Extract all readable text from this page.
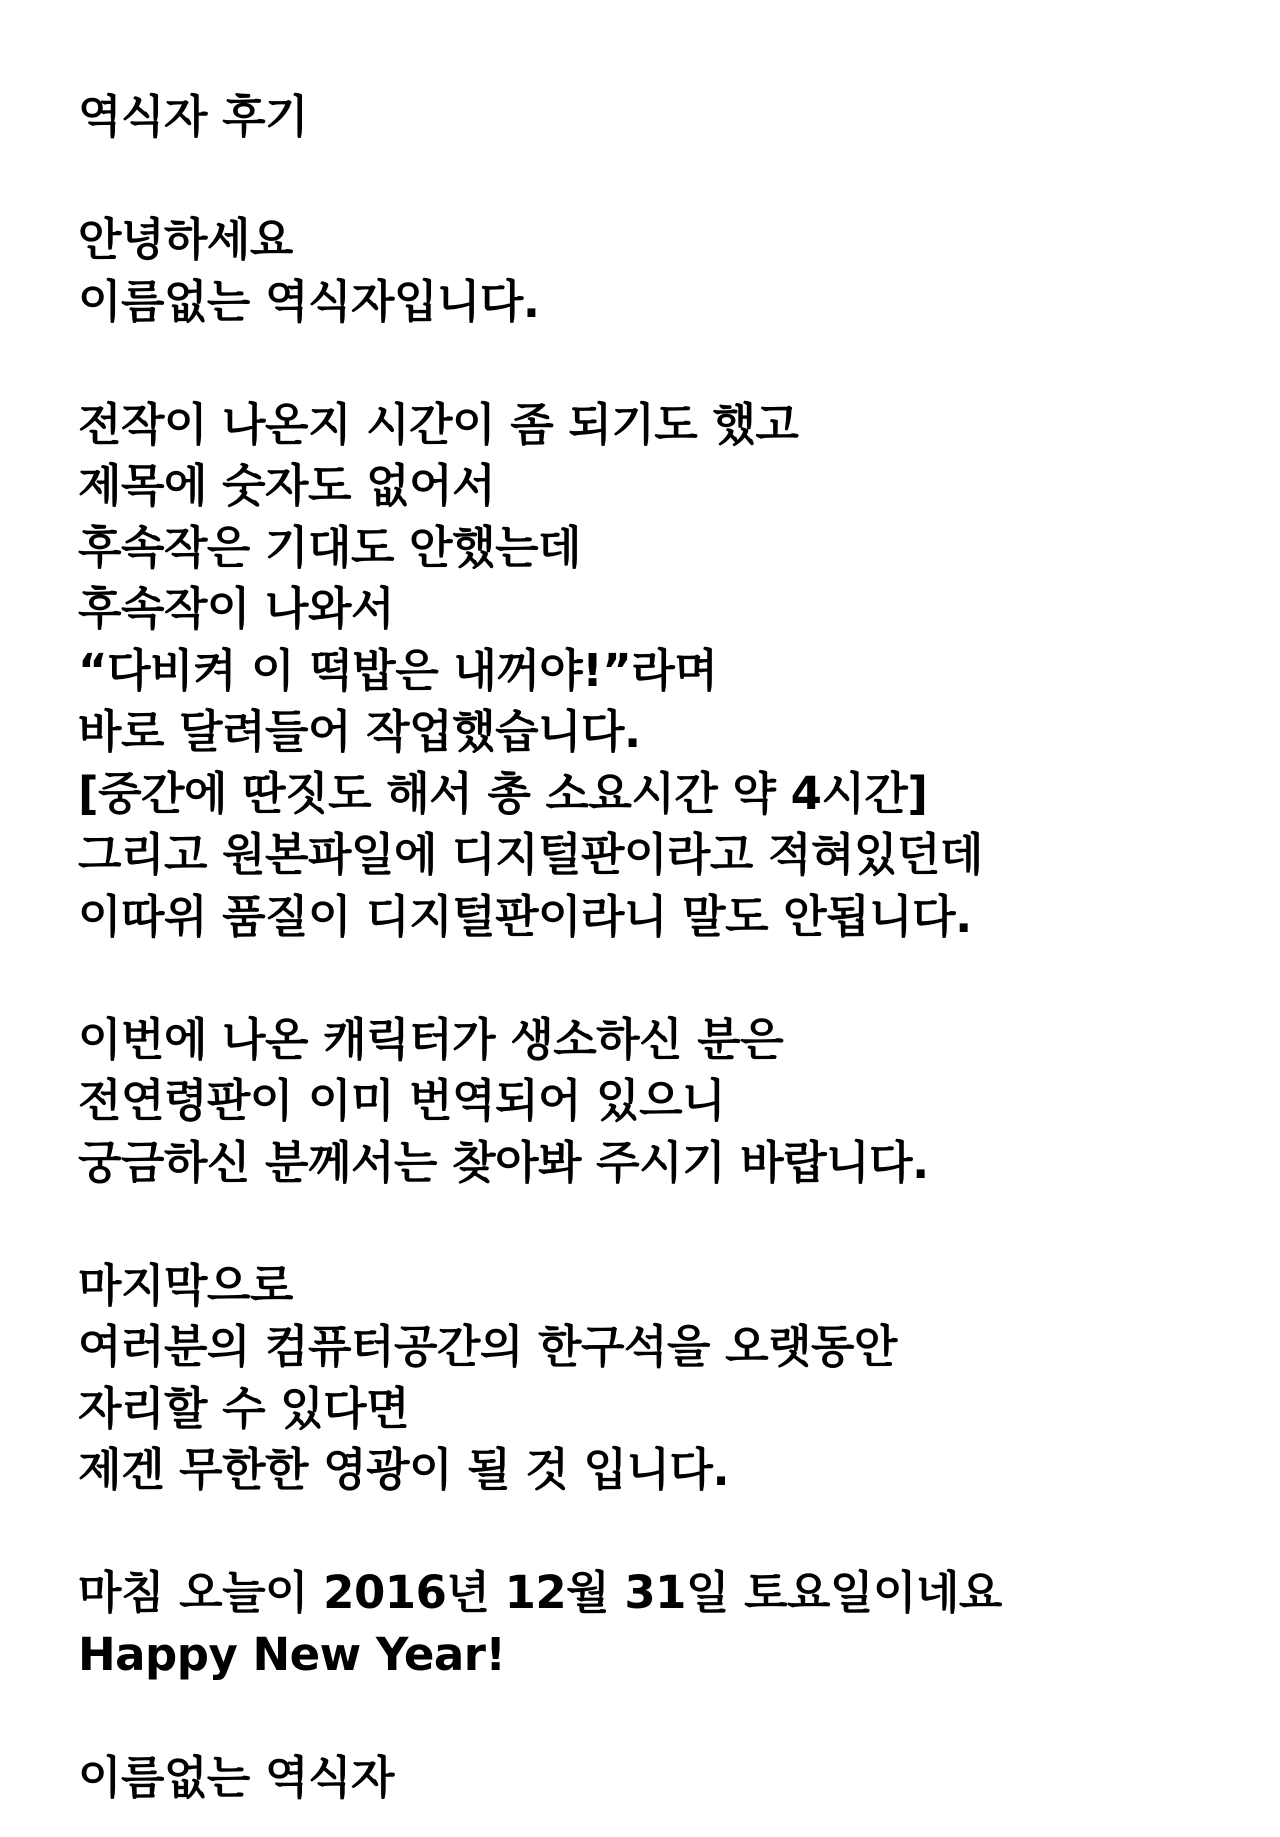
역식자 후기
안녕하세요
이름없는 역식자입니다.
전작이 나온지 시간이 좀 되기도 했고
제목에 숫자도 없어서
후속작은 기대도 안했는데
후속작이 나와서
“다비켜 이 떡밥은 내꺼야!”라며
바로 달려들어 작업했습니다.
[중간에 딴짓도 해서 총 소요시간 약 4시간]
그리고 원본파일에 디지털판이라고 적혀있던데
이따위 품질이 디지털판이라니 말도 안됩니다.
이번에 나온 캐릭터가 생소하신 분은
전연령판이 이미 번역되어 있으니
궁금하신 분께서는 찾아봐 주시기 바랍니다.
마지막으로
여러분의 컴퓨터공간의 한구석을 오랫동안
자리할 수 있다면
제겐 무한한 영광이 될 것 입니다.
마침 오늘이 2016년 12월 31일 토요일이네요
Happy New Year!
이름없는 역식자
